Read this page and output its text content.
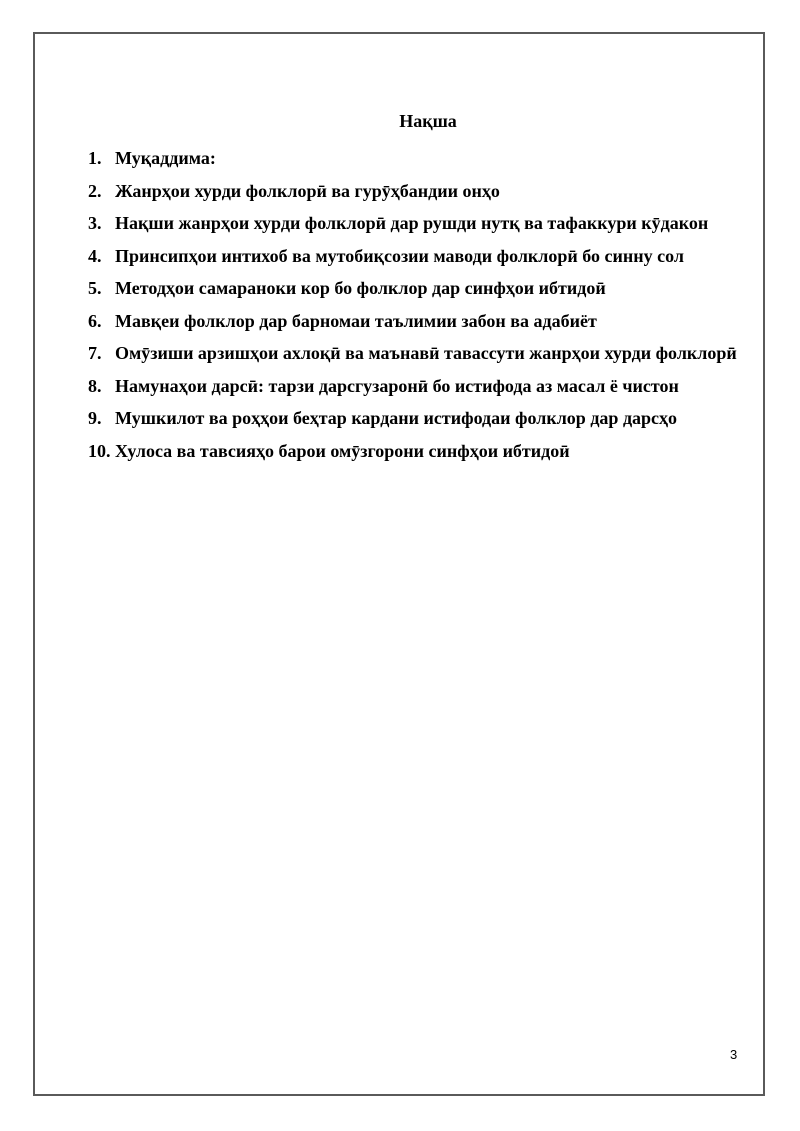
Нақша
1. Муқаддима:
2. Жанрҳои хурди фолклорӣ ва гурӯҳбандии онҳо
3. Нақши жанрҳои хурди фолклорӣ дар рушди нутқ ва тафаккури кӯдакон
4. Принсипҳои интихоб ва мутобиқсозии маводи фолклорӣ бо синну сол
5. Методҳои самараноки кор бо фолклор дар синфҳои ибтидоӣ
6. Мавқеи фолклор дар барномаи таълимии забон ва адабиёт
7. Омӯзиши арзишҳои ахлоқӣ ва маънавӣ тавассути жанрҳои хурди фолклорӣ
8. Намунаҳои дарсӣ: тарзи дарсгузаронӣ бо истифода аз масал ё чистон
9. Мушкилот ва роҳҳои беҳтар кардани истифодаи фолклор дар дарсҳо
10. Хулоса ва тавсияҳо барои омӯзгорони синфҳои ибтидоӣ
3
